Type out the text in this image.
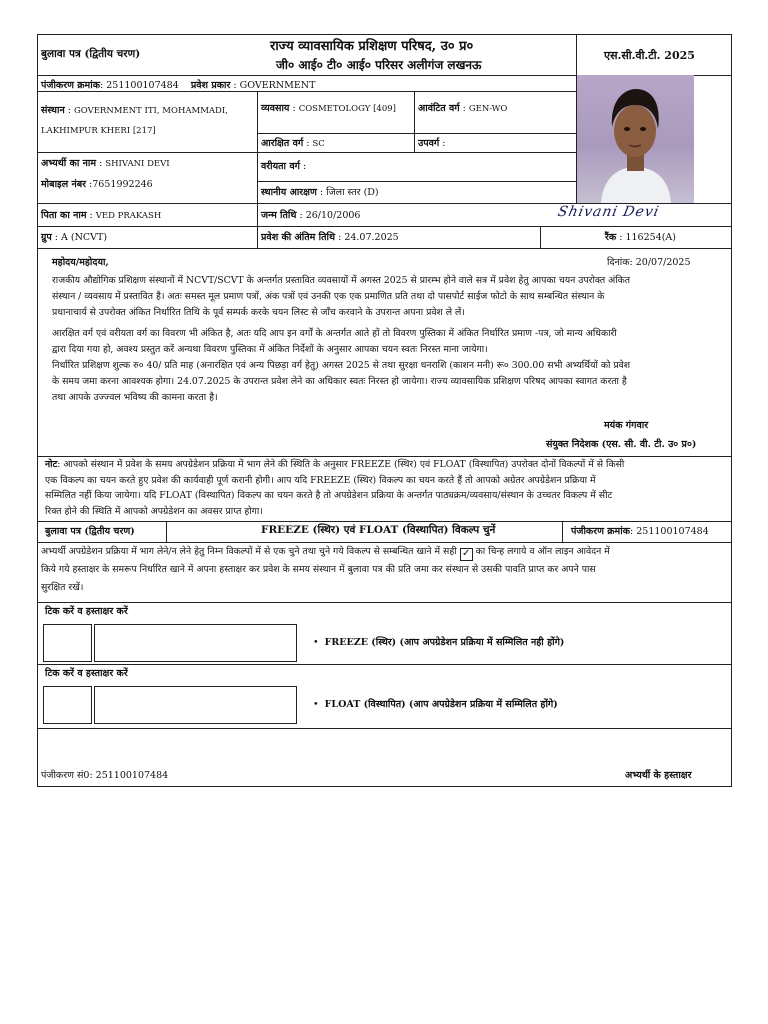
बुलावा पत्र (द्वितीय चरण)	राज्य व्यावसायिक प्रशिक्षण परिषद, उ० प्र०
जी० आई० टी० आई० परिसर अलीगंज लखनऊ
एस.सी.वी.टी. 2025
पंजीकरण क्रमांक: 251100107484 प्रवेश प्रकार : GOVERNMENT
संस्थान : GOVERNMENT ITI, MOHAMMADI,
LAKHIMPUR KHERI [217]
व्यवसाय : COSMETOLOGY [409] आवंटित वर्ग : GEN-WO
आरक्षित वर्ग : SC	उपवर्ग :
अभ्यर्थी का नाम : SHIVANI DEVI
मोबाइल नंबर :7651992246
वरीयता वर्ग :
स्थानीय आरक्षण : जिला स्तर (D)
पिता का नाम : VED PRAKASH	जन्म तिथि : 26/10/2006	Shivani Devi
ग्रुप : A (NCVT)	प्रवेश की अंतिम तिथि : 24.07.2025	रैंक : 116254(A)
महोदय/महोदया,	दिनांक: 20/07/2025
राजकीय औद्योगिक प्रशिक्षण संस्थानों में NCVT/SCVT के अन्तर्गत प्रस्तावित व्यवसायों में अगस्त 2025 से प्रारम्भ होने वाले सत्र में प्रवेश हेतु आपका चयन उपरोक्त अंकित
संस्थान / व्यवसाय में प्रस्तावित है। अतः समस्त मूल प्रमाण पत्रों, अंक पत्रों एवं उनकी एक एक प्रमाणित प्रति तथा दो पासपोर्ट साईज फोटो के साथ सम्बन्धित संस्थान के
प्रधानाचार्य से उपरोक्त अंकित निर्धारित तिथि के पूर्व सम्पर्क करके चयन लिस्ट से जाँच करवाने के उपरान्त अपना प्रवेश ले लें।
आरक्षित वर्ग एवं वरीयता वर्ग का विवरण भी अंकित है, अतः यदि आप इन वर्गों के अन्तर्गत आते हों तो विवरण पुस्तिका में अंकित निर्धारित प्रमाण -पत्र, जो मान्य अधिकारी
द्वारा दिया गया हो, अवश्य प्रस्तुत करें अन्यथा विवरण पुस्तिका में अंकित निर्देशों के अनुसार आपका चयन स्वतः निरस्त माना जायेगा।
निर्धारित प्रशिक्षण शुल्क रु० 40/ प्रति माह (अनारक्षित एवं अन्य पिछड़ा वर्ग हेतु) अगस्त 2025 से तथा सुरक्षा धनराशि (काशन मनी) रू० 300.00 सभी अभ्यर्थियों को प्रवेश
के समय जमा करना आवश्यक होगा। 24.07.2025 के उपरान्त प्रवेश लेने का अधिकार स्वतः निरस्त हो जायेगा। राज्य व्यावसायिक प्रशिक्षण परिषद आपका स्वागत करता है
तथा आपके उज्ज्वल भविष्य की कामना करता है।
मयंक गंगवार
संयुक्त निदेशक (एस. सी. वी. टी. उ० प्र०)
नोट: आपको संस्थान में प्रवेश के समय अपग्रेडेशन प्रक्रिया में भाग लेने की स्थिति के अनुसार FREEZE (स्थिर) एवं FLOAT (विस्थापित) उपरोक्त दोनों विकल्पों में से किसी
एक विकल्प का चयन करते हुए प्रवेश की कार्यवाही पूर्ण करानी होगी। आप यदि FREEZE (स्थिर) विकल्प का चयन करते हैं तो आपको अग्रेतर अपग्रेडेशन प्रक्रिया में
सम्मिलित नहीं किया जायेगा। यदि FLOAT (विस्थापित) विकल्प का चयन करते है तो अपग्रेडेशन प्रक्रिया के अन्तर्गत पाठ्यक्रम/व्यवसाय/संस्थान के उच्चतर विकल्प में सीट
रिक्त होने की स्थिति में आपको अपग्रेडेशन का अवसर प्राप्त होगा।
बुलावा पत्र (द्वितीय चरण)	FREEZE (स्थिर) एवं FLOAT (विस्थापित) विकल्प चुनें	पंजीकरण क्रमांक: 251100107484
अभ्यर्थी अपग्रेडेशन प्रक्रिया में भाग लेने/न लेने हेतु निम्न विकल्पों में से एक चुने तथा चुने गये विकल्प से सम्बन्धित खाने में सही ✓ का चिन्ह लगाये व ऑन लाइन आवेदन में
किये गये हस्ताक्षर के समरूप निर्धारित खाने में अपना हस्ताक्षर कर प्रवेश के समय संस्थान में बुलावा पत्र की प्रति जमा कर संस्थान से उसकी पावति प्राप्त कर अपने पास
सुरक्षित रखें।
टिक करें व हस्ताक्षर करें
•  FREEZE (स्थिर) (आप अपग्रेडेशन प्रक्रिया में सम्मिलित नही होंगे)
टिक करें व हस्ताक्षर करें
•  FLOAT (विस्थापित) (आप अपग्रेडेशन प्रक्रिया में सम्मिलित होंगे)
पंजीकरण सं0: 251100107484	अभ्यर्थी के हस्ताक्षर
